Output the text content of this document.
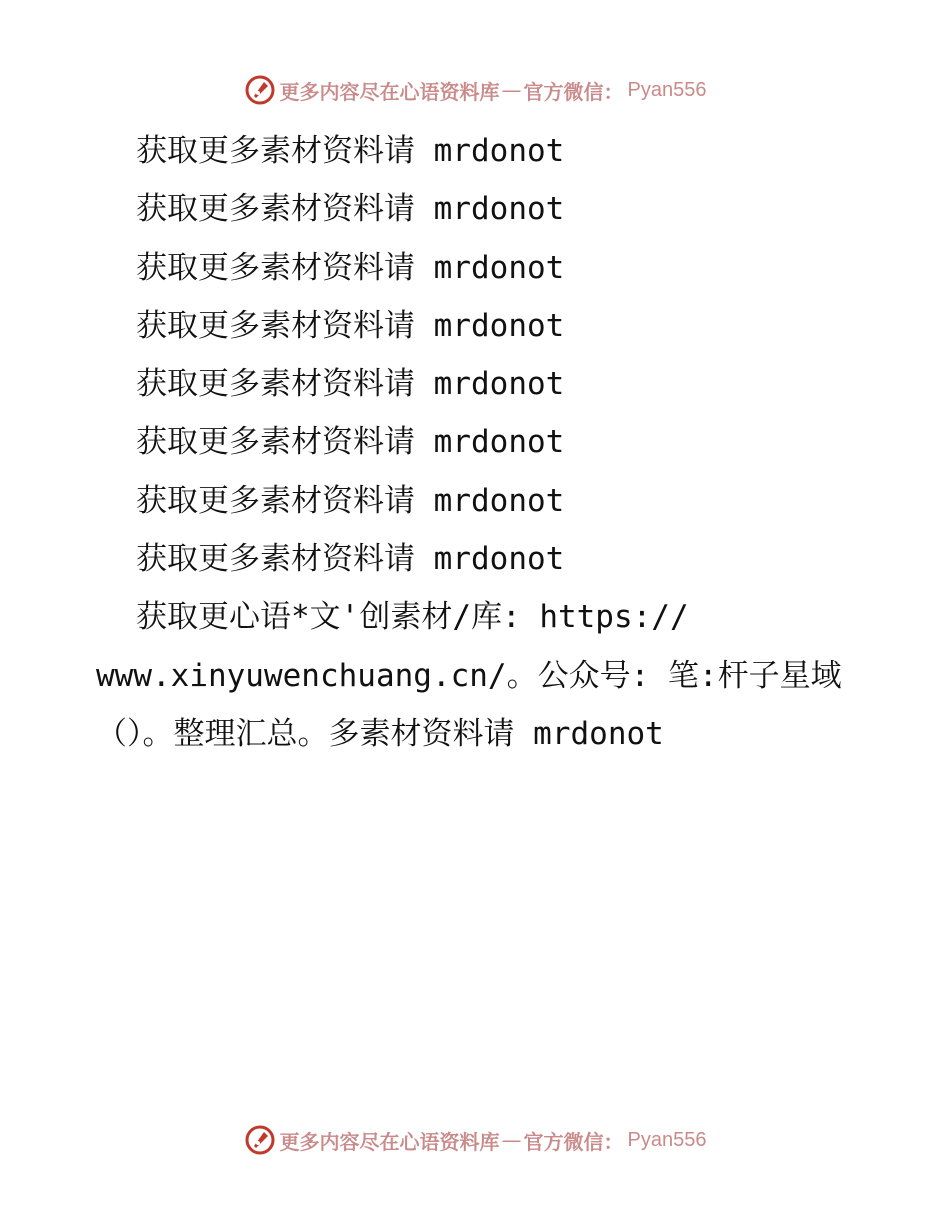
更多内容尽在心语资料库 — 官方微信： Pyan556
获取更多素材资料请 mrdonot
获取更多素材资料请 mrdonot
获取更多素材资料请 mrdonot
获取更多素材资料请 mrdonot
获取更多素材资料请 mrdonot
获取更多素材资料请 mrdonot
获取更多素材资料请 mrdonot
获取更多素材资料请 mrdonot
获取更心语*文'创素材/库: https://
www.xinyuwenchuang.cn/。公众号: 笔:杆子星域
（）。整理汇总。多素材资料请 mrdonot
更多内容尽在心语资料库 — 官方微信： Pyan556
